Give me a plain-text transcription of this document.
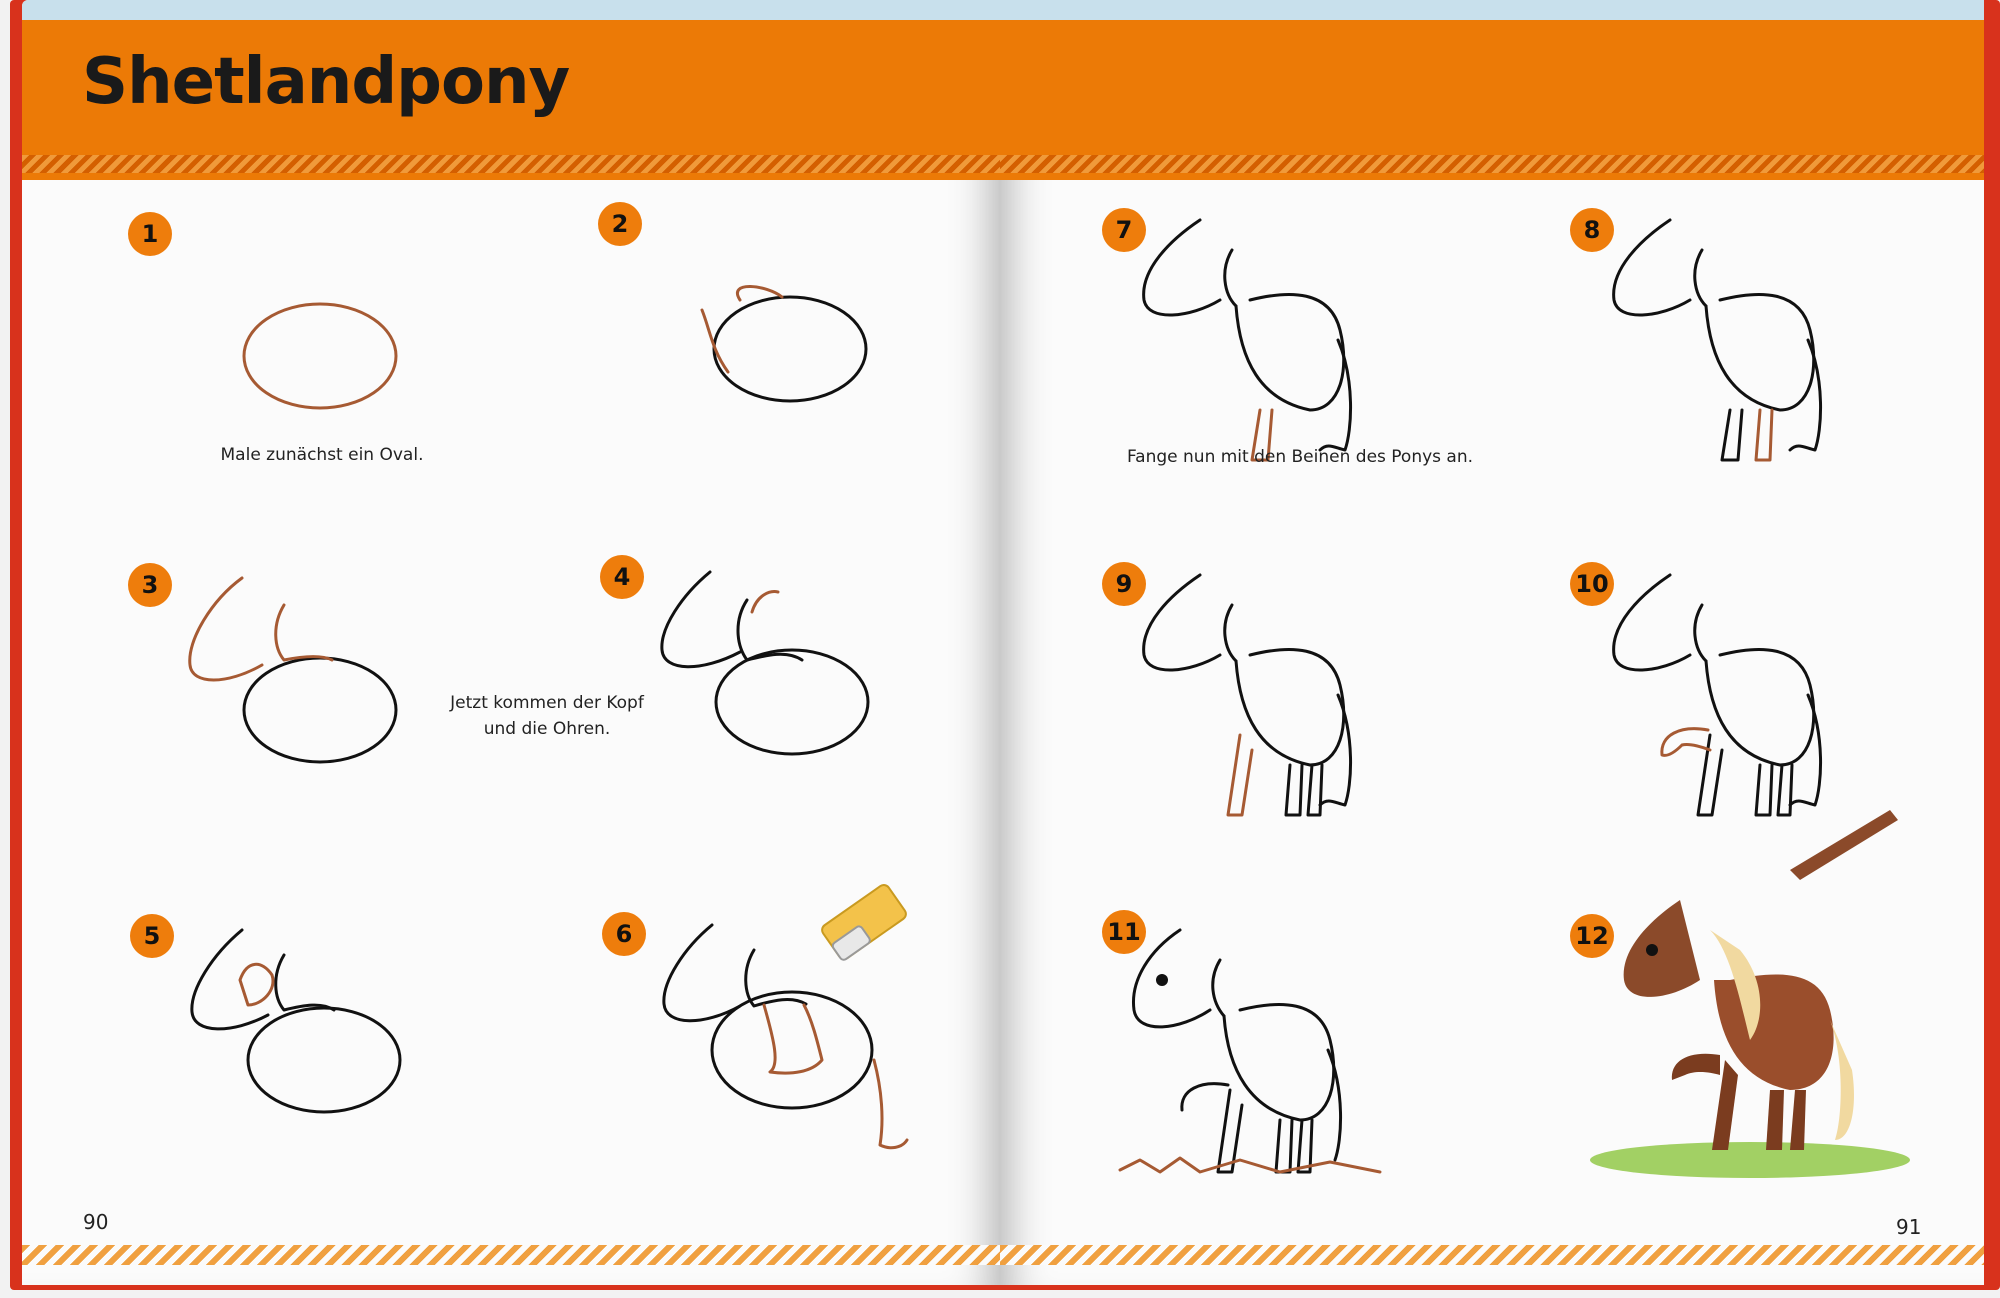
Shetlandpony
1	2
3	4
5	6
Male zunächst ein Oval.
Jetzt kommen der Kopf
und die Ohren.
90
7	8
9	10
11	12
Fange nun mit den Beinen des Ponys an.
91
